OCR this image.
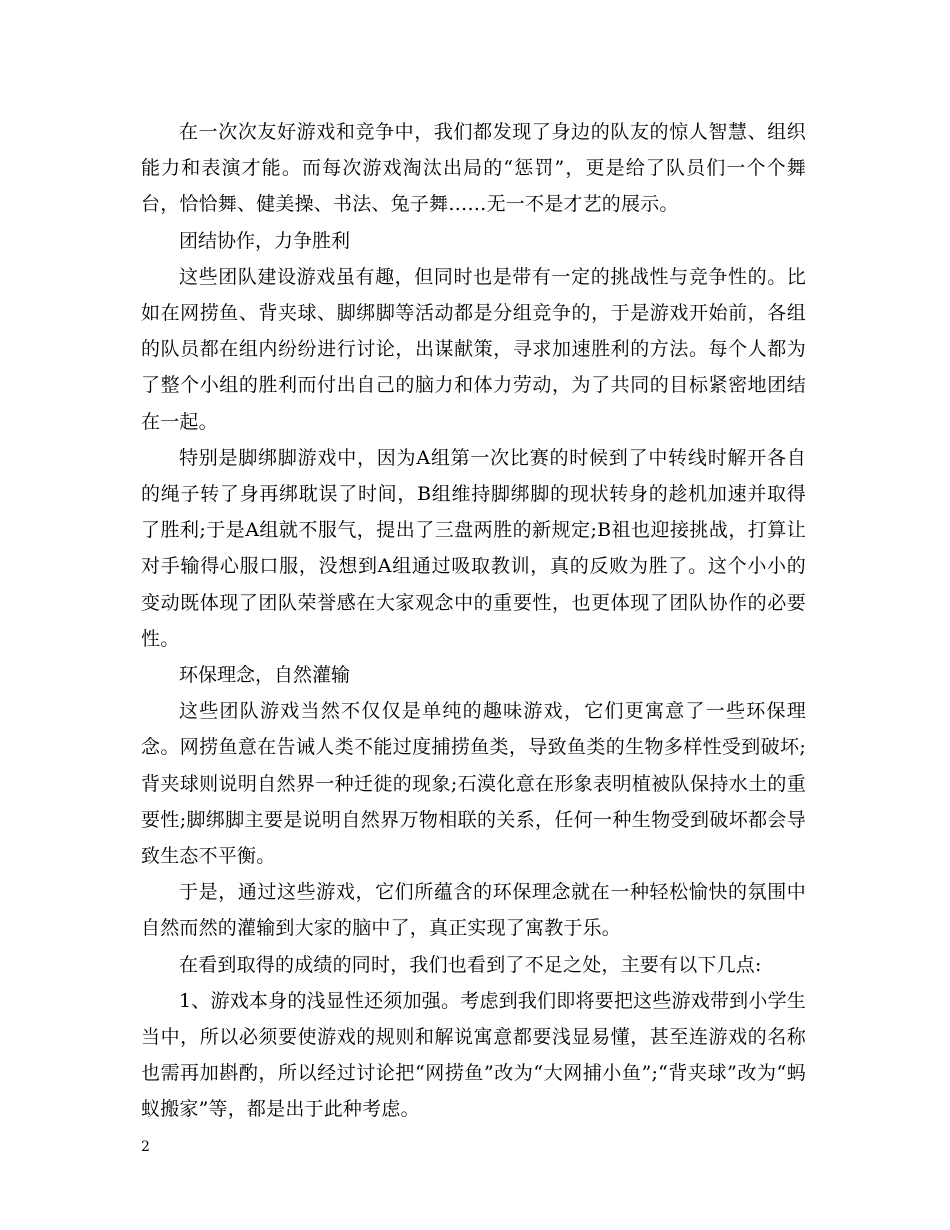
在一次次友好游戏和竞争中，我们都发现了身边的队友的惊人智慧、组织能力和表演才能。而每次游戏淘汰出局的“惩罚”，更是给了队员们一个个舞台，恰恰舞、健美操、书法、兔子舞……无一不是才艺的展示。

团结协作，力争胜利

这些团队建设游戏虽有趣，但同时也是带有一定的挑战性与竞争性的。比如在网捞鱼、背夹球、脚绑脚等活动都是分组竞争的，于是游戏开始前，各组的队员都在组内纷纷进行讨论，出谋献策，寻求加速胜利的方法。每个人都为了整个小组的胜利而付出自己的脑力和体力劳动，为了共同的目标紧密地团结在一起。

特别是脚绑脚游戏中，因为A组第一次比赛的时候到了中转线时解开各自的绳子转了身再绑耽误了时间，B组维持脚绑脚的现状转身的趁机加速并取得了胜利;于是A组就不服气，提出了三盘两胜的新规定;B祖也迎接挑战，打算让对手输得心服口服，没想到A组通过吸取教训，真的反败为胜了。这个小小的变动既体现了团队荣誉感在大家观念中的重要性，也更体现了团队协作的必要性。

环保理念，自然灌输

这些团队游戏当然不仅仅是单纯的趣味游戏，它们更寓意了一些环保理念。网捞鱼意在告诫人类不能过度捕捞鱼类，导致鱼类的生物多样性受到破坏;背夹球则说明自然界一种迁徙的现象;石漠化意在形象表明植被队保持水土的重要性;脚绑脚主要是说明自然界万物相联的关系，任何一种生物受到破坏都会导致生态不平衡。

于是，通过这些游戏，它们所蕴含的环保理念就在一种轻松愉快的氛围中自然而然的灌输到大家的脑中了，真正实现了寓教于乐。

在看到取得的成绩的同时，我们也看到了不足之处，主要有以下几点:

1、游戏本身的浅显性还须加强。考虑到我们即将要把这些游戏带到小学生当中，所以必须要使游戏的规则和解说寓意都要浅显易懂，甚至连游戏的名称也需再加斟酌，所以经过讨论把“网捞鱼”改为“大网捕小鱼”;“背夹球”改为“蚂蚁搬家”等，都是出于此种考虑。

2
